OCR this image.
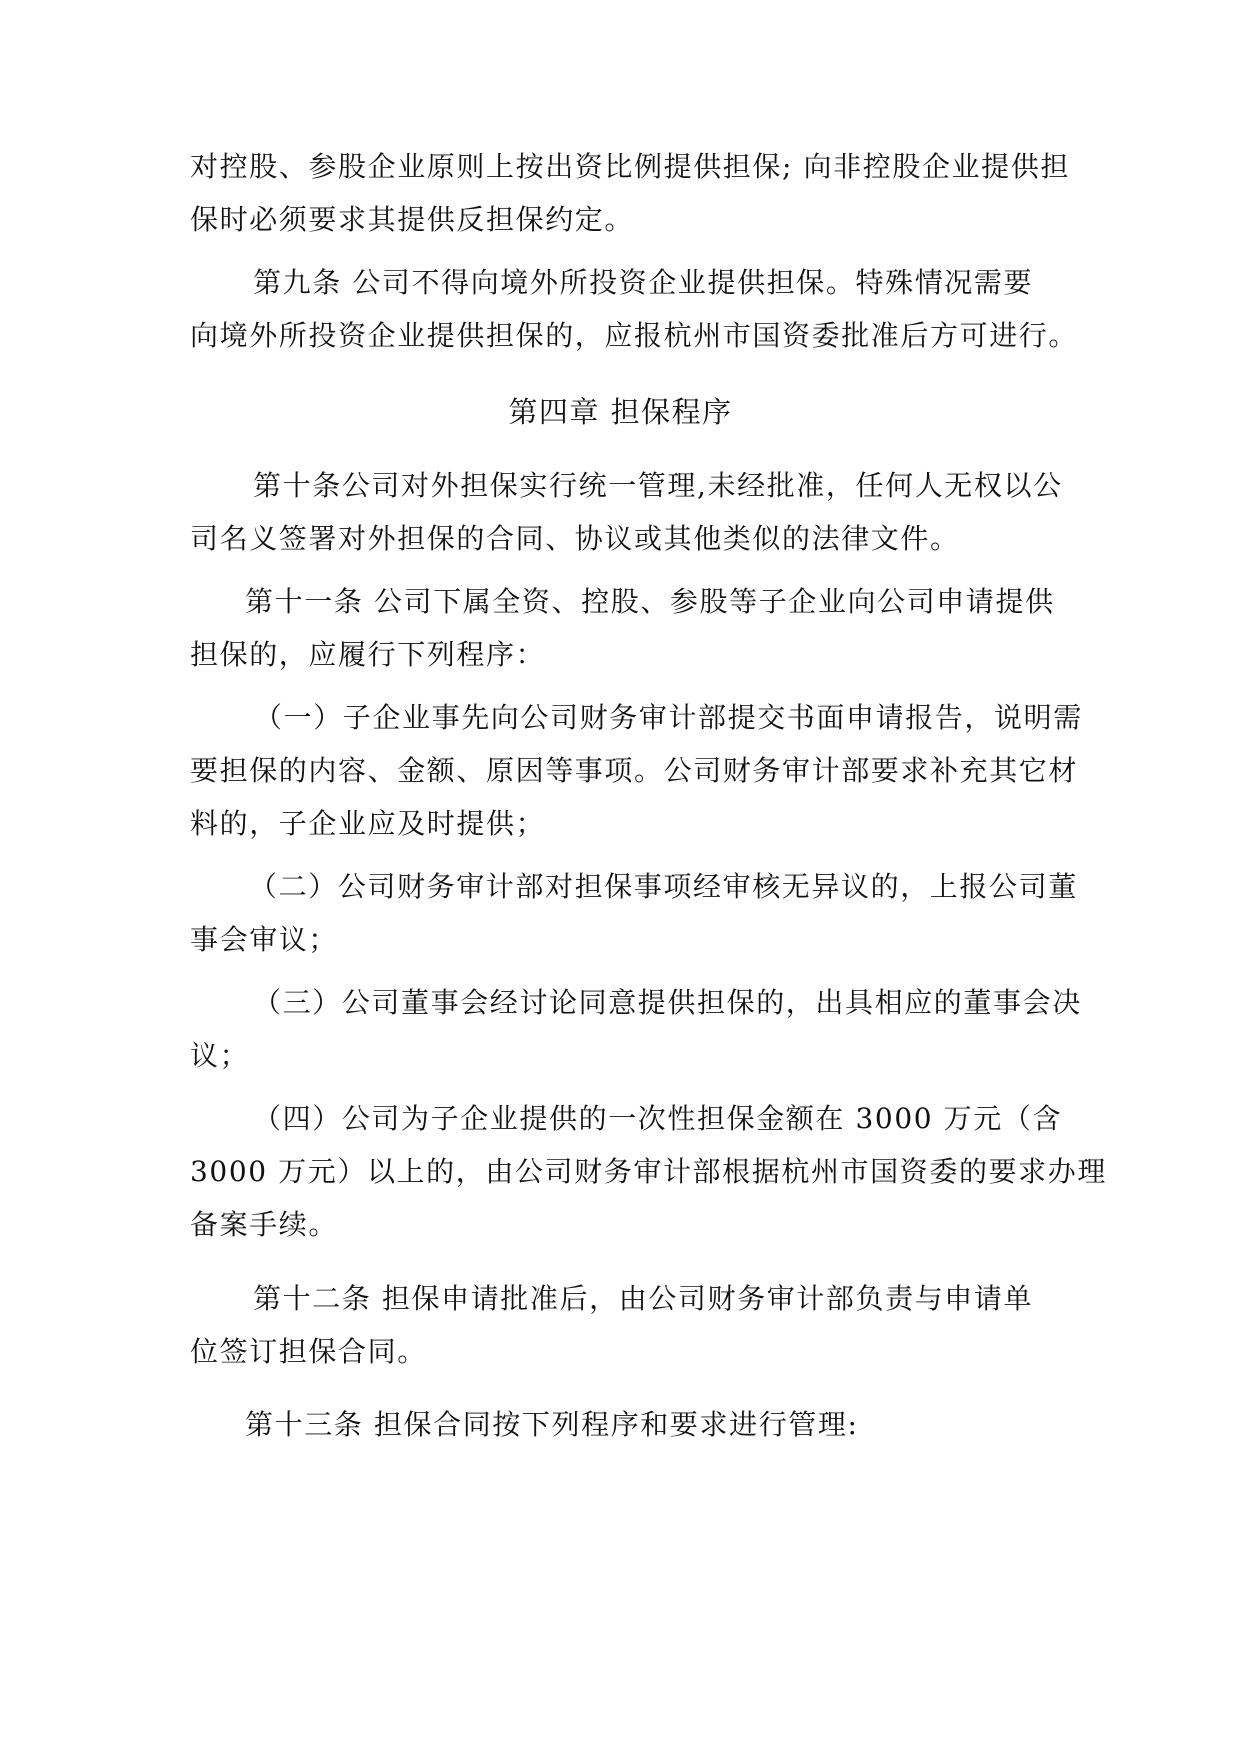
对控股、参股企业原则上按出资比例提供担保; 向非控股企业提供担
保时必须要求其提供反担保约定。
第九条 公司不得向境外所投资企业提供担保。特殊情况需要
向境外所投资企业提供担保的，应报杭州市国资委批准后方可进行。
第四章 担保程序
第十条公司对外担保实行统一管理,未经批准，任何人无权以公
司名义签署对外担保的合同、协议或其他类似的法律文件。
第十一条 公司下属全资、控股、参股等子企业向公司申请提供
担保的，应履行下列程序：
（一）子企业事先向公司财务审计部提交书面申请报告，说明需
要担保的内容、金额、原因等事项。公司财务审计部要求补充其它材
料的，子企业应及时提供；
（二）公司财务审计部对担保事项经审核无异议的，上报公司董
事会审议；
（三）公司董事会经讨论同意提供担保的，出具相应的董事会决
议；
（四）公司为子企业提供的一次性担保金额在 3000 万元（含
3000 万元）以上的，由公司财务审计部根据杭州市国资委的要求办理
备案手续。
第十二条 担保申请批准后，由公司财务审计部负责与申请单
位签订担保合同。
第十三条 担保合同按下列程序和要求进行管理:
